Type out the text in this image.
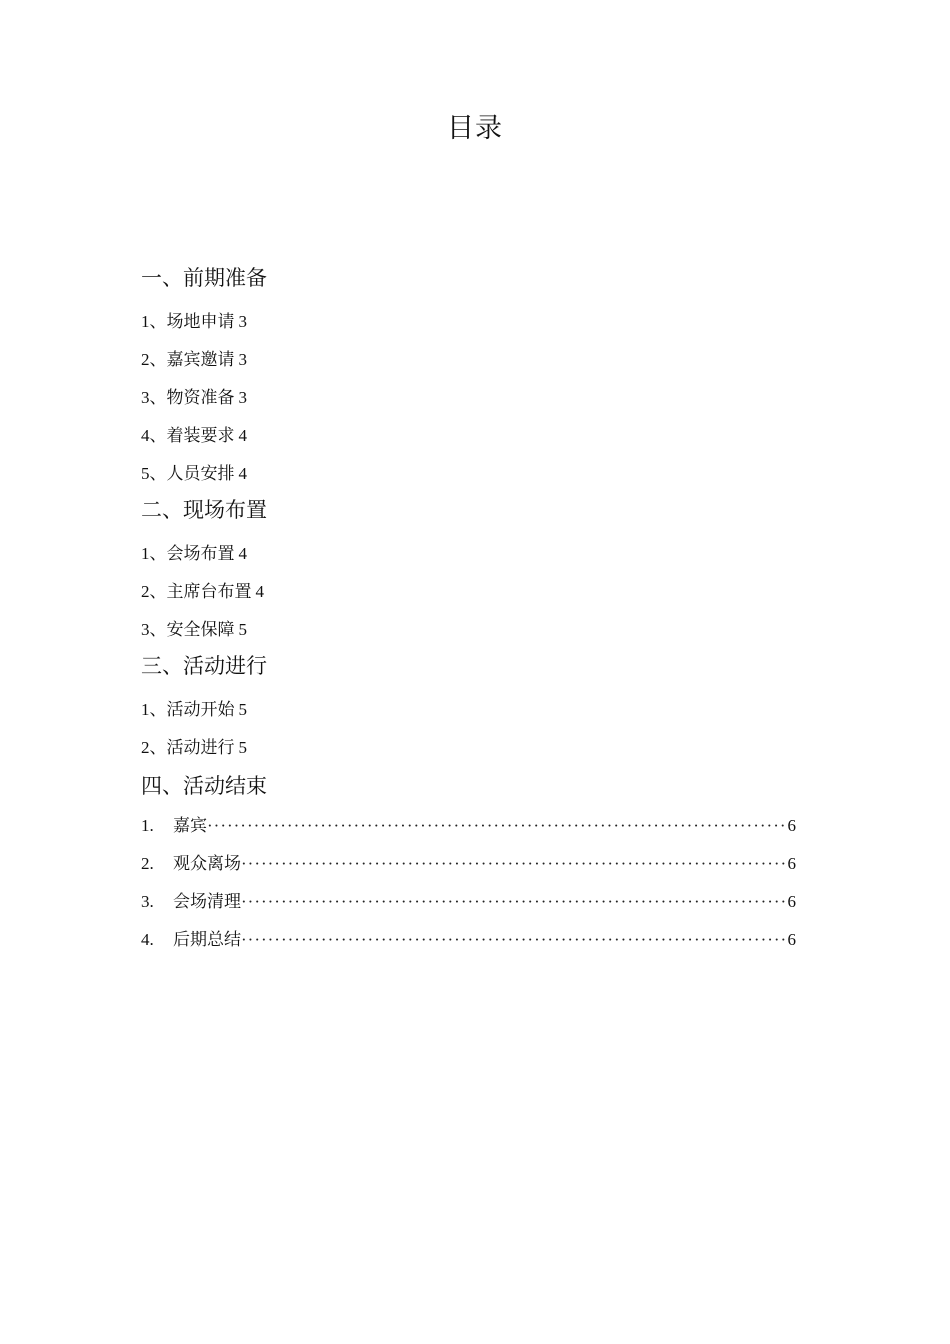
目录
一、前期准备
1、场地申请 3
2、嘉宾邀请 3
3、物资准备 3
4、着装要求 4
5、人员安排 4
二、现场布置
1、会场布置 4
2、主席台布置 4
3、安全保障 5
三、活动进行
1、活动开始 5
2、活动进行 5
四、活动结束
1.	嘉宾 ·····	6
2.	观众离场 ·····	6
3.	会场清理 ·····	6
4.	后期总结 ·····	6
